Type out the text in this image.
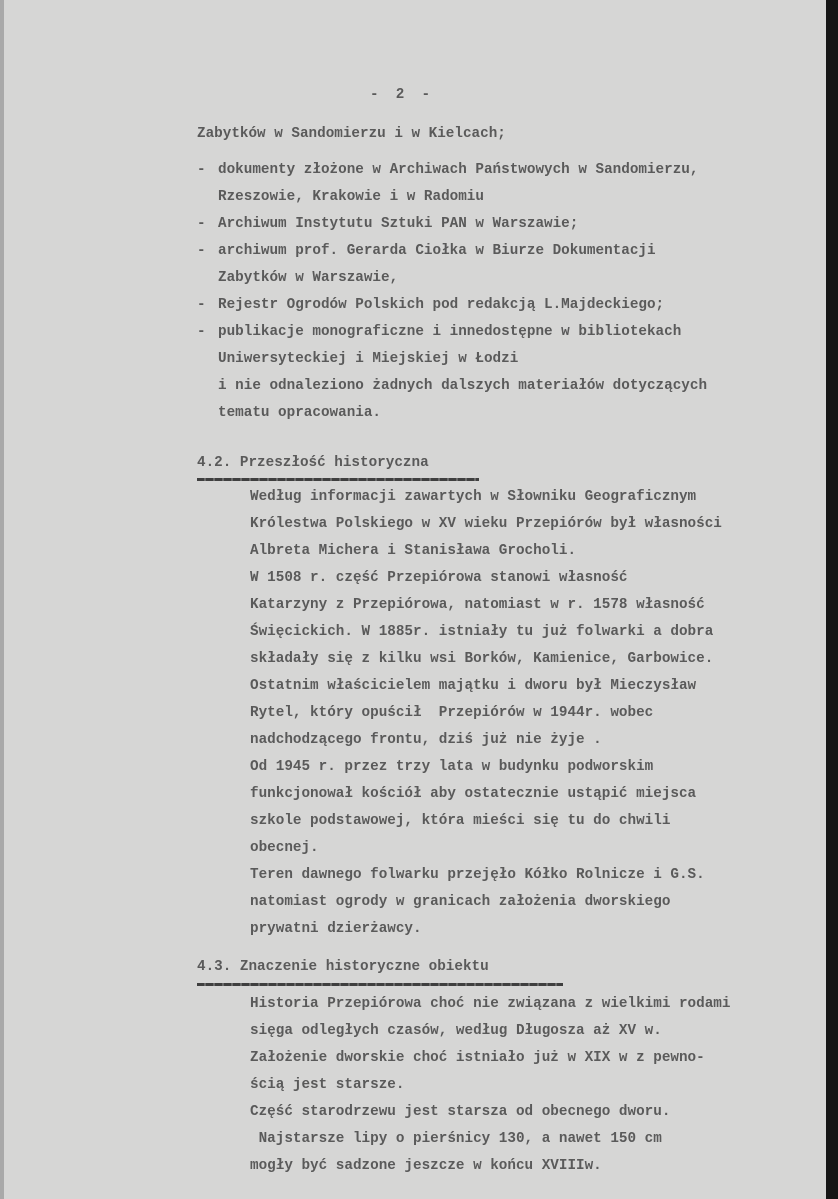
-  2  -
Zabytków w Sandomierzu i w Kielcach;
- dokumenty złożone w Archiwach Państwowych w Sandomierzu,
Rzeszowie, Krakowie i w Radomiu
- Archiwum Instytutu Sztuki PAN w Warszawie;
- archiwum prof. Gerarda Ciołka w Biurze Dokumentacji
Zabytków w Warszawie,
- Rejestr Ogrodów Polskich pod redakcją L.Majdeckiego;
- publikacje monograficzne i innedostępne w bibliotekach
Uniwersyteckiej i Miejskiej w Łodzi
i nie odnaleziono żadnych dalszych materiałów dotyczących
tematu opracowania.
4.2. Przeszłość historyczna
Według informacji zawartych w Słowniku Geograficznym
Królestwa Polskiego w XV wieku Przepiórów był własności
Albreta Michera i Stanisława Grocholi.
W 1508 r. część Przepiórowa stanowi własność
Katarzyny z Przepiórowa, natomiast w r. 1578 własność
Święcickich. W 1885r. istniały tu już folwarki a dobra
składały się z kilku wsi Borków, Kamienice, Garbowice.
Ostatnim właścicielem majątku i dworu był Mieczysław
Rytel, który opuścił  Przepiórów w 1944r. wobec
nadchodzącego frontu, dziś już nie żyje .
Od 1945 r. przez trzy lata w budynku podworskim
funkcjonował kościół aby ostatecznie ustąpić miejsca
szkole podstawowej, która mieści się tu do chwili
obecnej.
Teren dawnego folwarku przejęło Kółko Rolnicze i G.S.
natomiast ogrody w granicach założenia dworskiego
prywatni dzierżawcy.
4.3. Znaczenie historyczne obiektu
Historia Przepiórowa choć nie związana z wielkimi rodami
sięga odległych czasów, według Długosza aż XV w.
Założenie dworskie choć istniało już w XIX w z pewno-
ścią jest starsze.
Część starodrzewu jest starsza od obecnego dworu.
Najstarsze lipy o pierśnicy 130, a nawet 150 cm
mogły być sadzone jeszcze w końcu XVIIIw.
